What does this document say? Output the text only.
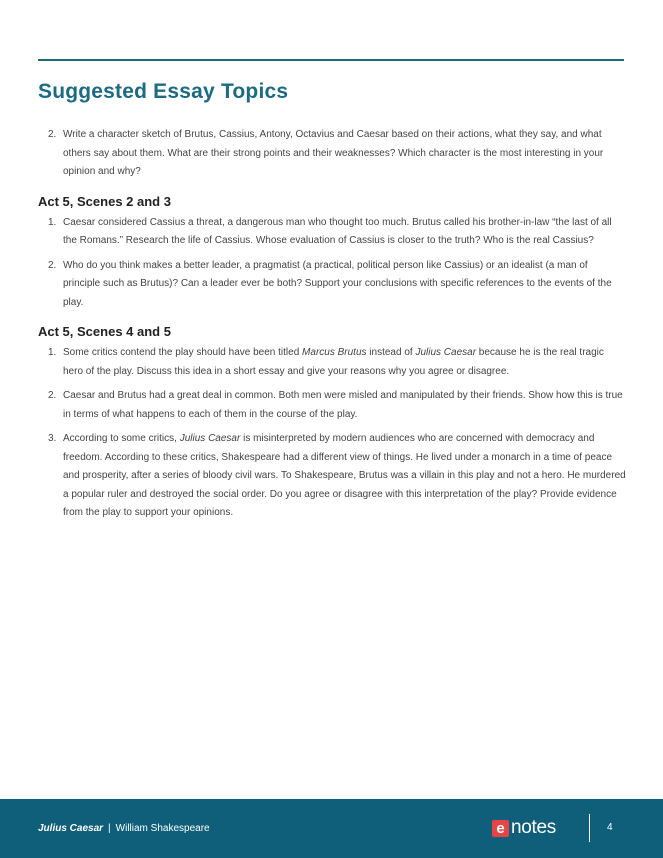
Suggested Essay Topics
2. Write a character sketch of Brutus, Cassius, Antony, Octavius and Caesar based on their actions, what they say, and what others say about them. What are their strong points and their weaknesses? Which character is the most interesting in your opinion and why?
Act 5, Scenes 2 and 3
1. Caesar considered Cassius a threat, a dangerous man who thought too much. Brutus called his brother-in-law “the last of all the Romans.” Research the life of Cassius. Whose evaluation of Cassius is closer to the truth? Who is the real Cassius?
2. Who do you think makes a better leader, a pragmatist (a practical, political person like Cassius) or an idealist (a man of principle such as Brutus)? Can a leader ever be both? Support your conclusions with specific references to the events of the play.
Act 5, Scenes 4 and 5
1. Some critics contend the play should have been titled Marcus Brutus instead of Julius Caesar because he is the real tragic hero of the play. Discuss this idea in a short essay and give your reasons why you agree or disagree.
2. Caesar and Brutus had a great deal in common. Both men were misled and manipulated by their friends. Show how this is true in terms of what happens to each of them in the course of the play.
3. According to some critics, Julius Caesar is misinterpreted by modern audiences who are concerned with democracy and freedom. According to these critics, Shakespeare had a different view of things. He lived under a monarch in a time of peace and prosperity, after a series of bloody civil wars. To Shakespeare, Brutus was a villain in this play and not a hero. He murdered a popular ruler and destroyed the social order. Do you agree or disagree with this interpretation of the play? Provide evidence from the play to support your opinions.
Julius Caesar | William Shakespeare	e notes	4
